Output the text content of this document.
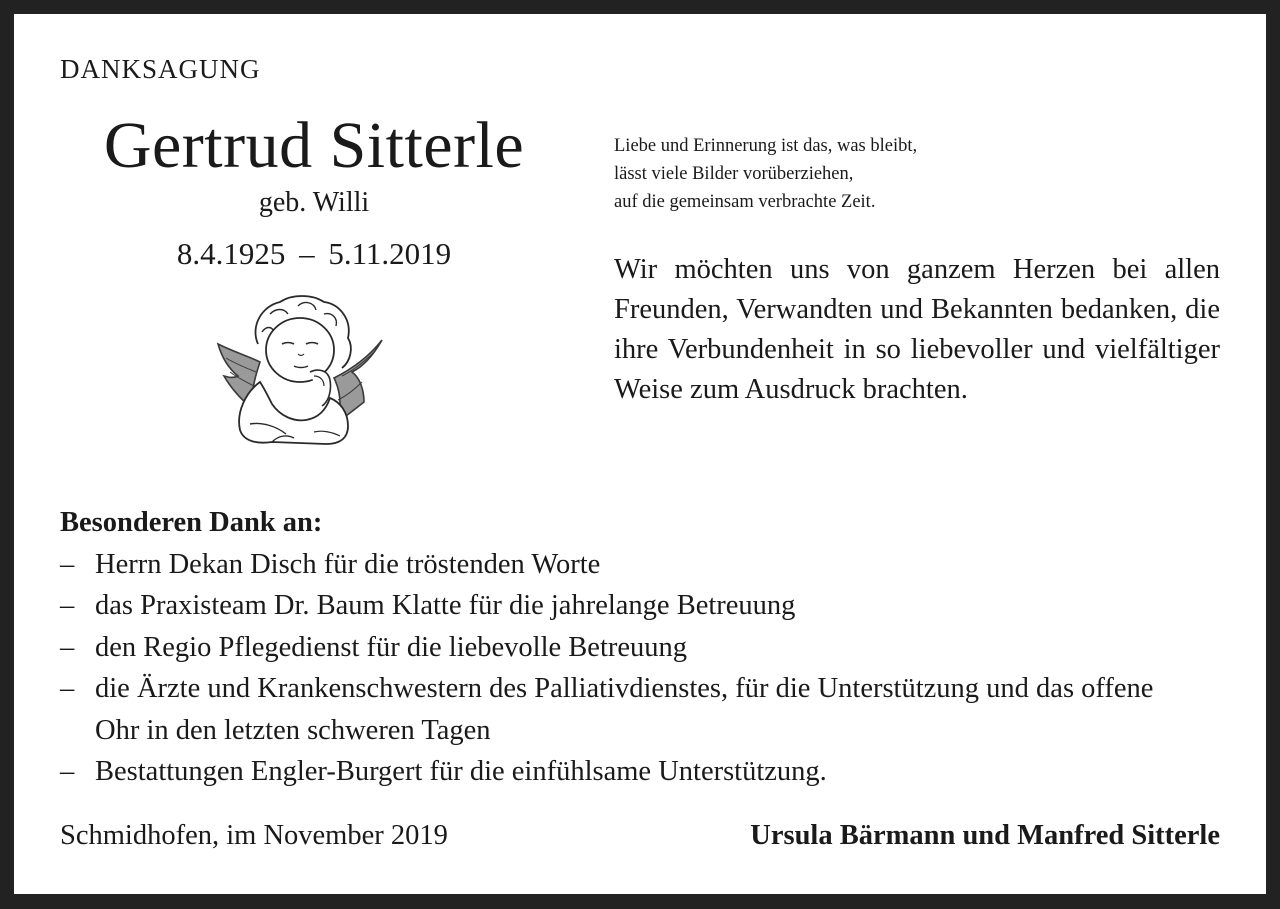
DANKSAGUNG
Gertrud Sitterle
geb. Willi
8.4.1925 – 5.11.2019
Liebe und Erinnerung ist das, was bleibt,
lässt viele Bilder vorüberziehen,
auf die gemeinsam verbrachte Zeit.
Wir möchten uns von ganzem Herzen bei allen Freunden, Verwandten und Bekannten bedanken, die ihre Verbundenheit in so liebevoller und vielfältiger Weise zum Ausdruck brachten.
Besonderen Dank an:
– Herrn Dekan Disch für die tröstenden Worte
– das Praxisteam Dr. Baum Klatte für die jahrelange Betreuung
– den Regio Pflegedienst für die liebevolle Betreuung
– die Ärzte und Krankenschwestern des Palliativdienstes, für die Unterstützung und das offene Ohr in den letzten schweren Tagen
– Bestattungen Engler-Burgert für die einfühlsame Unterstützung.
Schmidhofen, im November 2019	Ursula Bärmann und Manfred Sitterle
